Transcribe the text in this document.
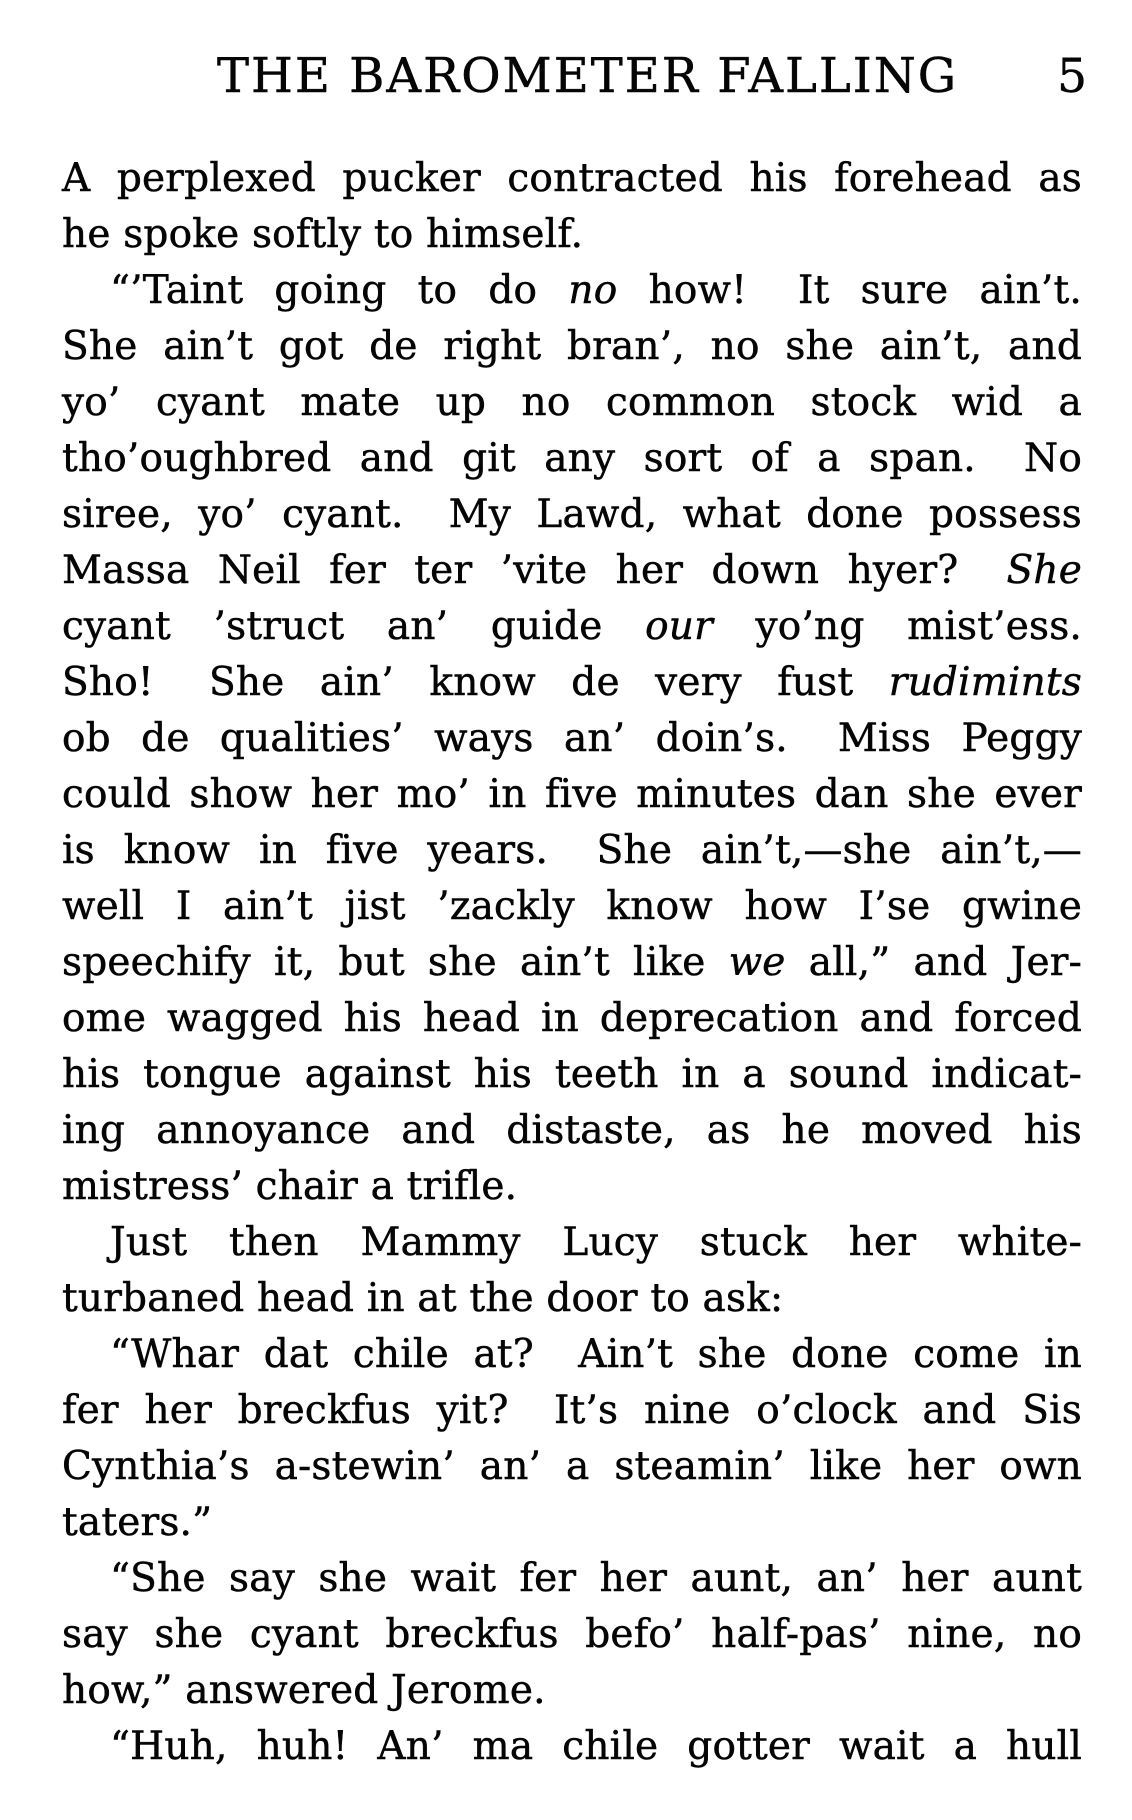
THE BAROMETER FALLING	5
A perplexed pucker contracted his forehead as
he spoke softly to himself.
“’Taint going to do no how!  It sure ain’t.
She ain’t got de right bran’, no she ain’t, and
yo’ cyant mate up no common stock wid a
tho’oughbred and git any sort of a span.  No
siree, yo’ cyant.  My Lawd, what done possess
Massa Neil fer ter ’vite her down hyer?  She
cyant ’struct an’ guide our yo’ng mist’ess.
Sho!  She ain’ know de very fust rudimints
ob de qualities’ ways an’ doin’s.  Miss Peggy
could show her mo’ in five minutes dan she ever
is know in five years.  She ain’t,—she ain’t,—
well I ain’t jist ’zackly know how I’se gwine
speechify it, but she ain’t like we all,” and Jer-
ome wagged his head in deprecation and forced
his tongue against his teeth in a sound indicat-
ing annoyance and distaste, as he moved his
mistress’ chair a trifle.
Just then Mammy Lucy stuck her white-
turbaned head in at the door to ask:
“Whar dat chile at?  Ain’t she done come in
fer her breckfus yit?  It’s nine o’clock and Sis
Cynthia’s a-stewin’ an’ a steamin’ like her own
taters.”
“She say she wait fer her aunt, an’ her aunt
say she cyant breckfus befo’ half-pas’ nine, no
how,” answered Jerome.
“Huh, huh! An’ ma chile gotter wait a hull
